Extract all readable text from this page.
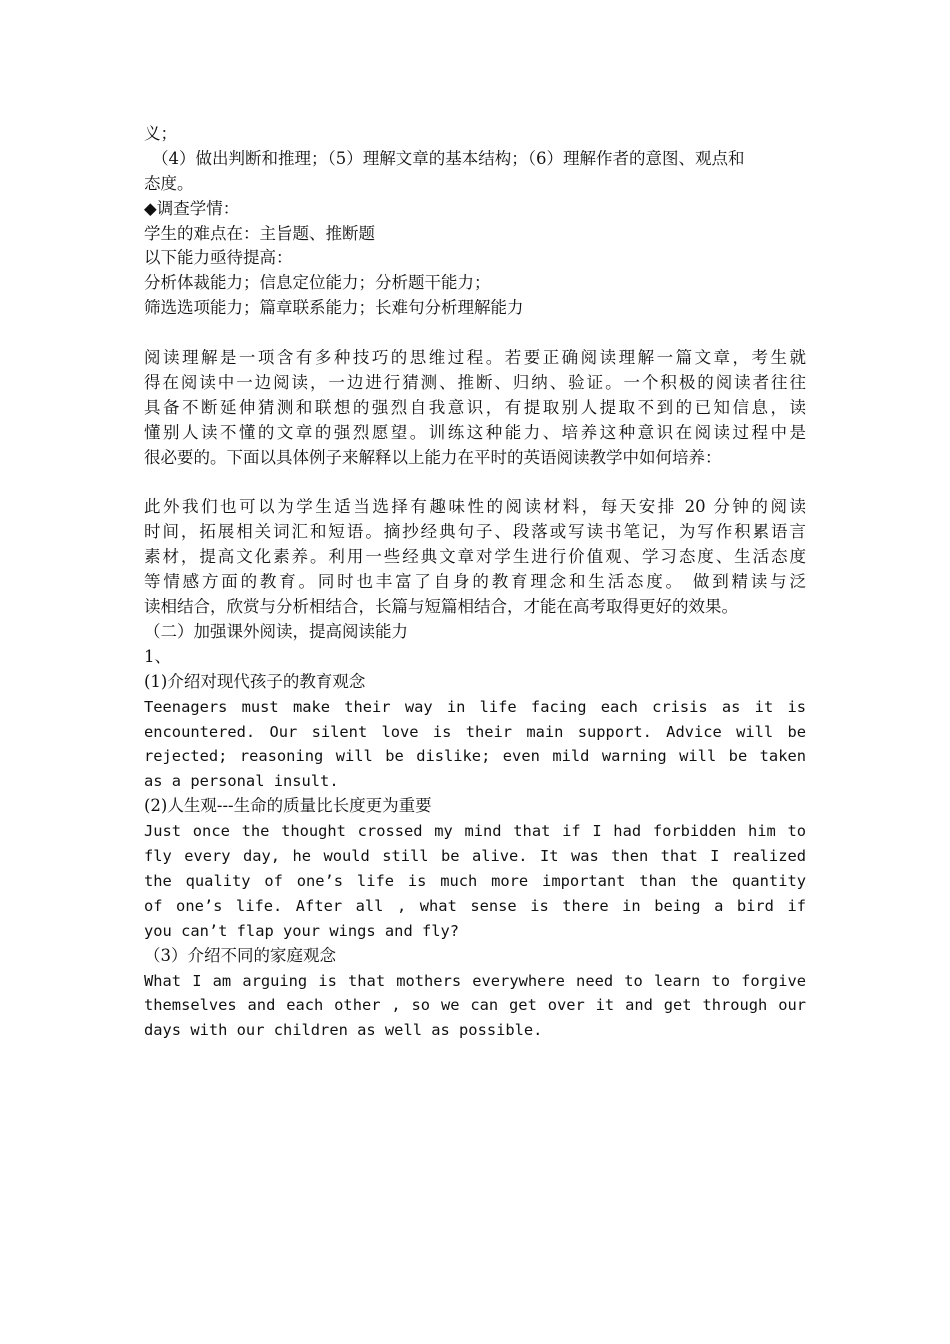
义；
（4）做出判断和推理；（5）理解文章的基本结构；（6）理解作者的意图、观点和
态度。
◆调查学情：
学生的难点在：主旨题、推断题
以下能力亟待提高：
分析体裁能力；信息定位能力；分析题干能力；
筛选选项能力；篇章联系能力；长难句分析理解能力
阅读理解是一项含有多种技巧的思维过程。若要正确阅读理解一篇文章，考生就
得在阅读中一边阅读，一边进行猜测、推断、归纳、验证。一个积极的阅读者往往
具备不断延伸猜测和联想的强烈自我意识，有提取别人提取不到的已知信息，读
懂别人读不懂的文章的强烈愿望。训练这种能力、培养这种意识在阅读过程中是
很必要的。下面以具体例子来解释以上能力在平时的英语阅读教学中如何培养：
此外我们也可以为学生适当选择有趣味性的阅读材料，每天安排 20 分钟的阅读
时间，拓展相关词汇和短语。摘抄经典句子、段落或写读书笔记，为写作积累语言
素材，提高文化素养。利用一些经典文章对学生进行价值观、学习态度、生活态度
等情感方面的教育。同时也丰富了自身的教育理念和生活态度。 做到精读与泛
读相结合，欣赏与分析相结合，长篇与短篇相结合，才能在高考取得更好的效果。
（二）加强课外阅读，提高阅读能力
1、
(1)介绍对现代孩子的教育观念
Teenagers must make their way in life facing each crisis as it is
encountered. Our silent love is their main support. Advice will be
rejected; reasoning will be dislike; even mild warning will be taken
as a personal insult.
(2)人生观---生命的质量比长度更为重要
Just once the thought crossed my mind that if I had forbidden him to
fly every day, he would still be alive. It was then that I realized
the quality of one’s life is much more important than the quantity
of one’s life. After all , what sense is there in being a bird if
you can’t flap your wings and fly?
（3）介绍不同的家庭观念
What I am arguing is that mothers everywhere need to learn to forgive
themselves and each other , so we can get over it and get through our
days with our children as well as possible.
